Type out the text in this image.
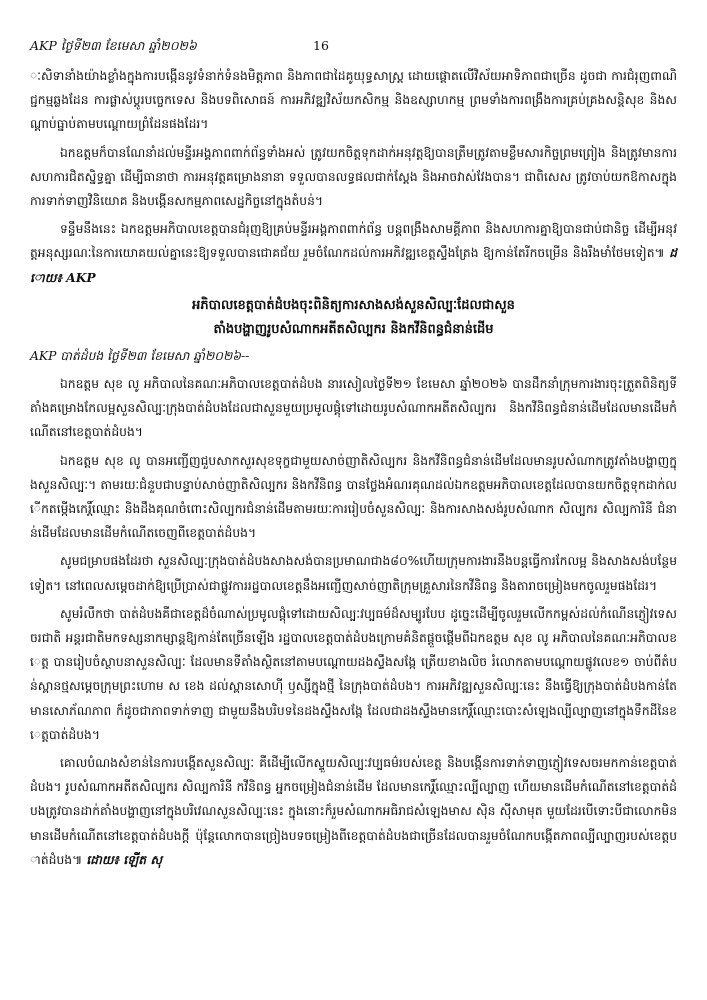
AKP ថ្ងៃទី២៣ ខែមេសា ឆ្នាំ២០២៦	16

ៈសិទានាំងយ៉ាងខ្លាំងក្នុងការបង្កើននូវទំនាក់ទំនងមិត្តភាព និងភាពជាដៃគូយុទ្ធសាស្ត្រ ដោយផ្ដោតលើវិស័យអាទិភាពជាច្រើន ដូចជា ការជំរុញពាណិជ្ជកម្មឆ្លងដែន ការផ្លាស់ប្ដូរបច្ចេកទេស និងបទពិសោធន៍ ការអភិវឌ្ឍវិស័យកសិកម្ម និងឧស្សាហកម្ម ព្រមទាំងការពង្រឹងការគ្រប់គ្រងសន្តិសុខ និងសណ្ដាប់ធ្នាប់តាមបណ្ដោយព្រំដែនផងដែរ។

ឯកឧត្តមក៏បានណែនាំដល់មន្ទីរអង្គភាពពាក់ព័ន្ធទាំងអស់ ត្រូវយកចិត្តទុកដាក់អនុវត្តឱ្យបានត្រឹមត្រូវតាមខ្លឹមសារកិច្ចព្រមព្រៀង និងត្រូវមានការសហការជិតស្និទ្ធគ្នា ដើម្បីធានាថា ការអនុវត្តគម្រោងនានា ទទួលបានលទ្ធផលជាក់ស្ដែង និងអាចវាស់វែងបាន។ ជាពិសេស ត្រូវចាប់យកឱកាសក្នុងការទាក់ទាញវិនិយោគ និងបង្កើនសកម្មភាពសេដ្ឋកិច្ចនៅក្នុងតំបន់។

ទន្ទឹមនឹងនេះ ឯកឧត្តមអភិបាលខេត្តបានជំរុញឱ្យគ្រប់មន្ទីរអង្គភាពពាក់ព័ន្ធ បន្តពង្រឹងសាមគ្គីភាព និងសហការគ្នាឱ្យបានជាប់ជានិច្ច ដើម្បីអនុវត្តអនុស្សរណៈនៃការយោគយល់គ្នានេះឱ្យទទួលបានជោគជ័យ រួមចំណែកដល់ការអភិវឌ្ឍខេត្តស្ទឹងត្រែង ឱ្យកាន់តែរីកចម្រើន និងរឹងមាំថែមទៀត៕ ដោយ៖ AKP

អភិបាលខេត្តបាត់ដំបងចុះពិនិត្យការសាងសង់សួនសិល្បៈដែលជាសួន
តាំងបង្ហាញរូបសំណាកអតីតសិល្បករ និងកវីនិពន្ធជំនាន់ដើម

AKP បាត់ដំបង ថ្ងៃទី២៣ ខែមេសា ឆ្នាំ២០២៦--

ឯកឧត្តម សុខ លូ អភិបាលនៃគណៈអភិបាលខេត្តបាត់ដំបង នារសៀលថ្ងៃទី២១ ខែមេសា ឆ្នាំ២០២៦ បានដឹកនាំក្រុមការងារចុះត្រួតពិនិត្យទីតាំងគម្រោងកែលម្អសួនសិល្បៈក្រុងបាត់ដំបងដែលជាសួនមួយប្រមូលផ្ដុំទៅដោយរូបសំណាកអតីតសិល្បករ និងកវីនិពន្ធជំនាន់ដើមដែលមានដើមកំណើតនៅខេត្តបាត់ដំបង។

ឯកឧត្តម សុខ លូ បានអញ្ជើញជួបសាកសួរសុខទុក្ខជាមួយសាច់ញាតិសិល្បករ និងកវីនិពន្ធជំនាន់ដើមដែលមានរូបសំណាកត្រូវតាំងបង្ហាញក្នុងសួនសិល្បៈ។ តាមរយៈជំនួបជាបន្ទាប់សាច់ញាតិសិល្បករ និងកវីនិពន្ធ បានថ្លែងអំណរគុណដល់ឯកឧត្តមអភិបាលខេត្តដែលបានយកចិត្តទុកដាក់លើកតម្កើងកេរ្តិ៍ឈ្មោះ និងដឹងគុណចំពោះសិល្បករជំនាន់ដើមតាមរយៈការរៀបចំសួនសិល្បៈ និងការសាងសង់រូបសំណាក សិល្បករ សិល្បការិនី ជំនាន់ដើមដែលមានដើមកំណើតចេញពីខេត្តបាត់ដំបង។

សូមជម្រាបផងដែរថា សួនសិល្បៈក្រុងបាត់ដំបងសាងសង់បានប្រមាណជាង៨០%ហើយក្រុមការងារនឹងបន្តធ្វើការកែលម្អ និងសាងសង់បន្ថែមទៀត។ នៅពេលសម្ដេចដាក់ឱ្យប្រើប្រាស់ជាផ្លូវការរដ្ឋបាលខេត្តនឹងអញ្ជើញសាច់ញាតិក្រុមគ្រួសារនៃកវីនិពន្ធ និងតារាចម្រៀងមកចូលរួមផងដែរ។

សូមរំលឹកថា បាត់ដំបងគឺជាខេត្តដ៏ចំណាស់ប្រមូលផ្ដុំទៅដោយសិល្បៈវប្បធម៌ដ៏សម្បូរបែប ដូច្នេះដើម្បីចូលរួមលើកកម្ពស់ដល់កំណើនភ្ញៀវទេសចរជាតិ អន្តរជាតិមកទស្សនាកម្សាន្តឱ្យកាន់តែច្រើនឡើង រដ្ឋបាលខេត្តបាត់ដំបងក្រោមគំនិតផ្ដួចផ្ដើមពីឯកឧត្តម សុខ លូ អភិបាលនៃគណៈអភិបាលខេត្ត បានរៀបចំស្ថាបនាសួនសិល្បៈ ដែលមានទីតាំងស្ថិតនៅតាមបណ្ដោយដងស្ទឹងសង្កែ ត្រើយខាងលិច រំលោកតាមបណ្ដោយផ្លូវលេខ១ ចាប់ពីតំបន់ស្ពានថ្មសម្ដេចក្រុមព្រះហោម ស ខេង ដល់ស្ពានសោហ៊ី ឫស្សីក្នុងថ្មី នៃក្រុងបាត់ដំបង។ ការអភិវឌ្ឍសួនសិល្បៈនេះ នឹងធ្វើឱ្យក្រុងបាត់ដំបងកាន់តែមានសោភ័ណភាព ក៏ដូចជាភាពទាក់ទាញ ជាមួយនឹងបរិបទនៃដងស្ទឹងសង្កែ ដែលជាដងស្ទឹងមានកេរ្តិ៍ឈ្មោះបោះសំឡេងល្បីល្បាញនៅក្នុងទឹកដីនៃខេត្តបាត់ដំបង។

គោលបំណងសំខាន់នៃការបង្កើតសួនសិល្បៈ គឺដើម្បីលើកស្ទួយសិល្បៈវប្បធម៌របស់ខេត្ត និងបង្កើនការទាក់ទាញភ្ញៀវទេសចរមកកាន់ខេត្តបាត់ដំបង។ រូបសំណាកអតីតសិល្បករ សិល្បការិនី កវីនិពន្ធ អ្នកចម្រៀងជំនាន់ដើម ដែលមានកេរ្តិ៍ឈ្មោះល្បីល្បាញ ហើយមានដើមកំណើតនៅខេត្តបាត់ដំបងត្រូវបានដាក់តាំងបង្ហាញនៅក្នុងបរិវេណសួនសិល្បៈនេះ ក្នុងនោះក៏រួមសំណាកអធិរាជសំឡេងមាស ស៊ិន ស៊ីសាមុត មួយដែរបើទោះបីជាលោកមិនមានដើមកំណើតនៅខេត្តបាត់ដំបងក្ដី ប៉ុន្តែលោកបានច្រៀងបទចម្រៀងពីខេត្តបាត់ដំបងជាច្រើនដែលបានរួមចំណែកបង្កើតភាពល្បីល្បាញរបស់ខេត្តបាត់ដំបង៕ ដោយ៖ ឡេីត សុ
